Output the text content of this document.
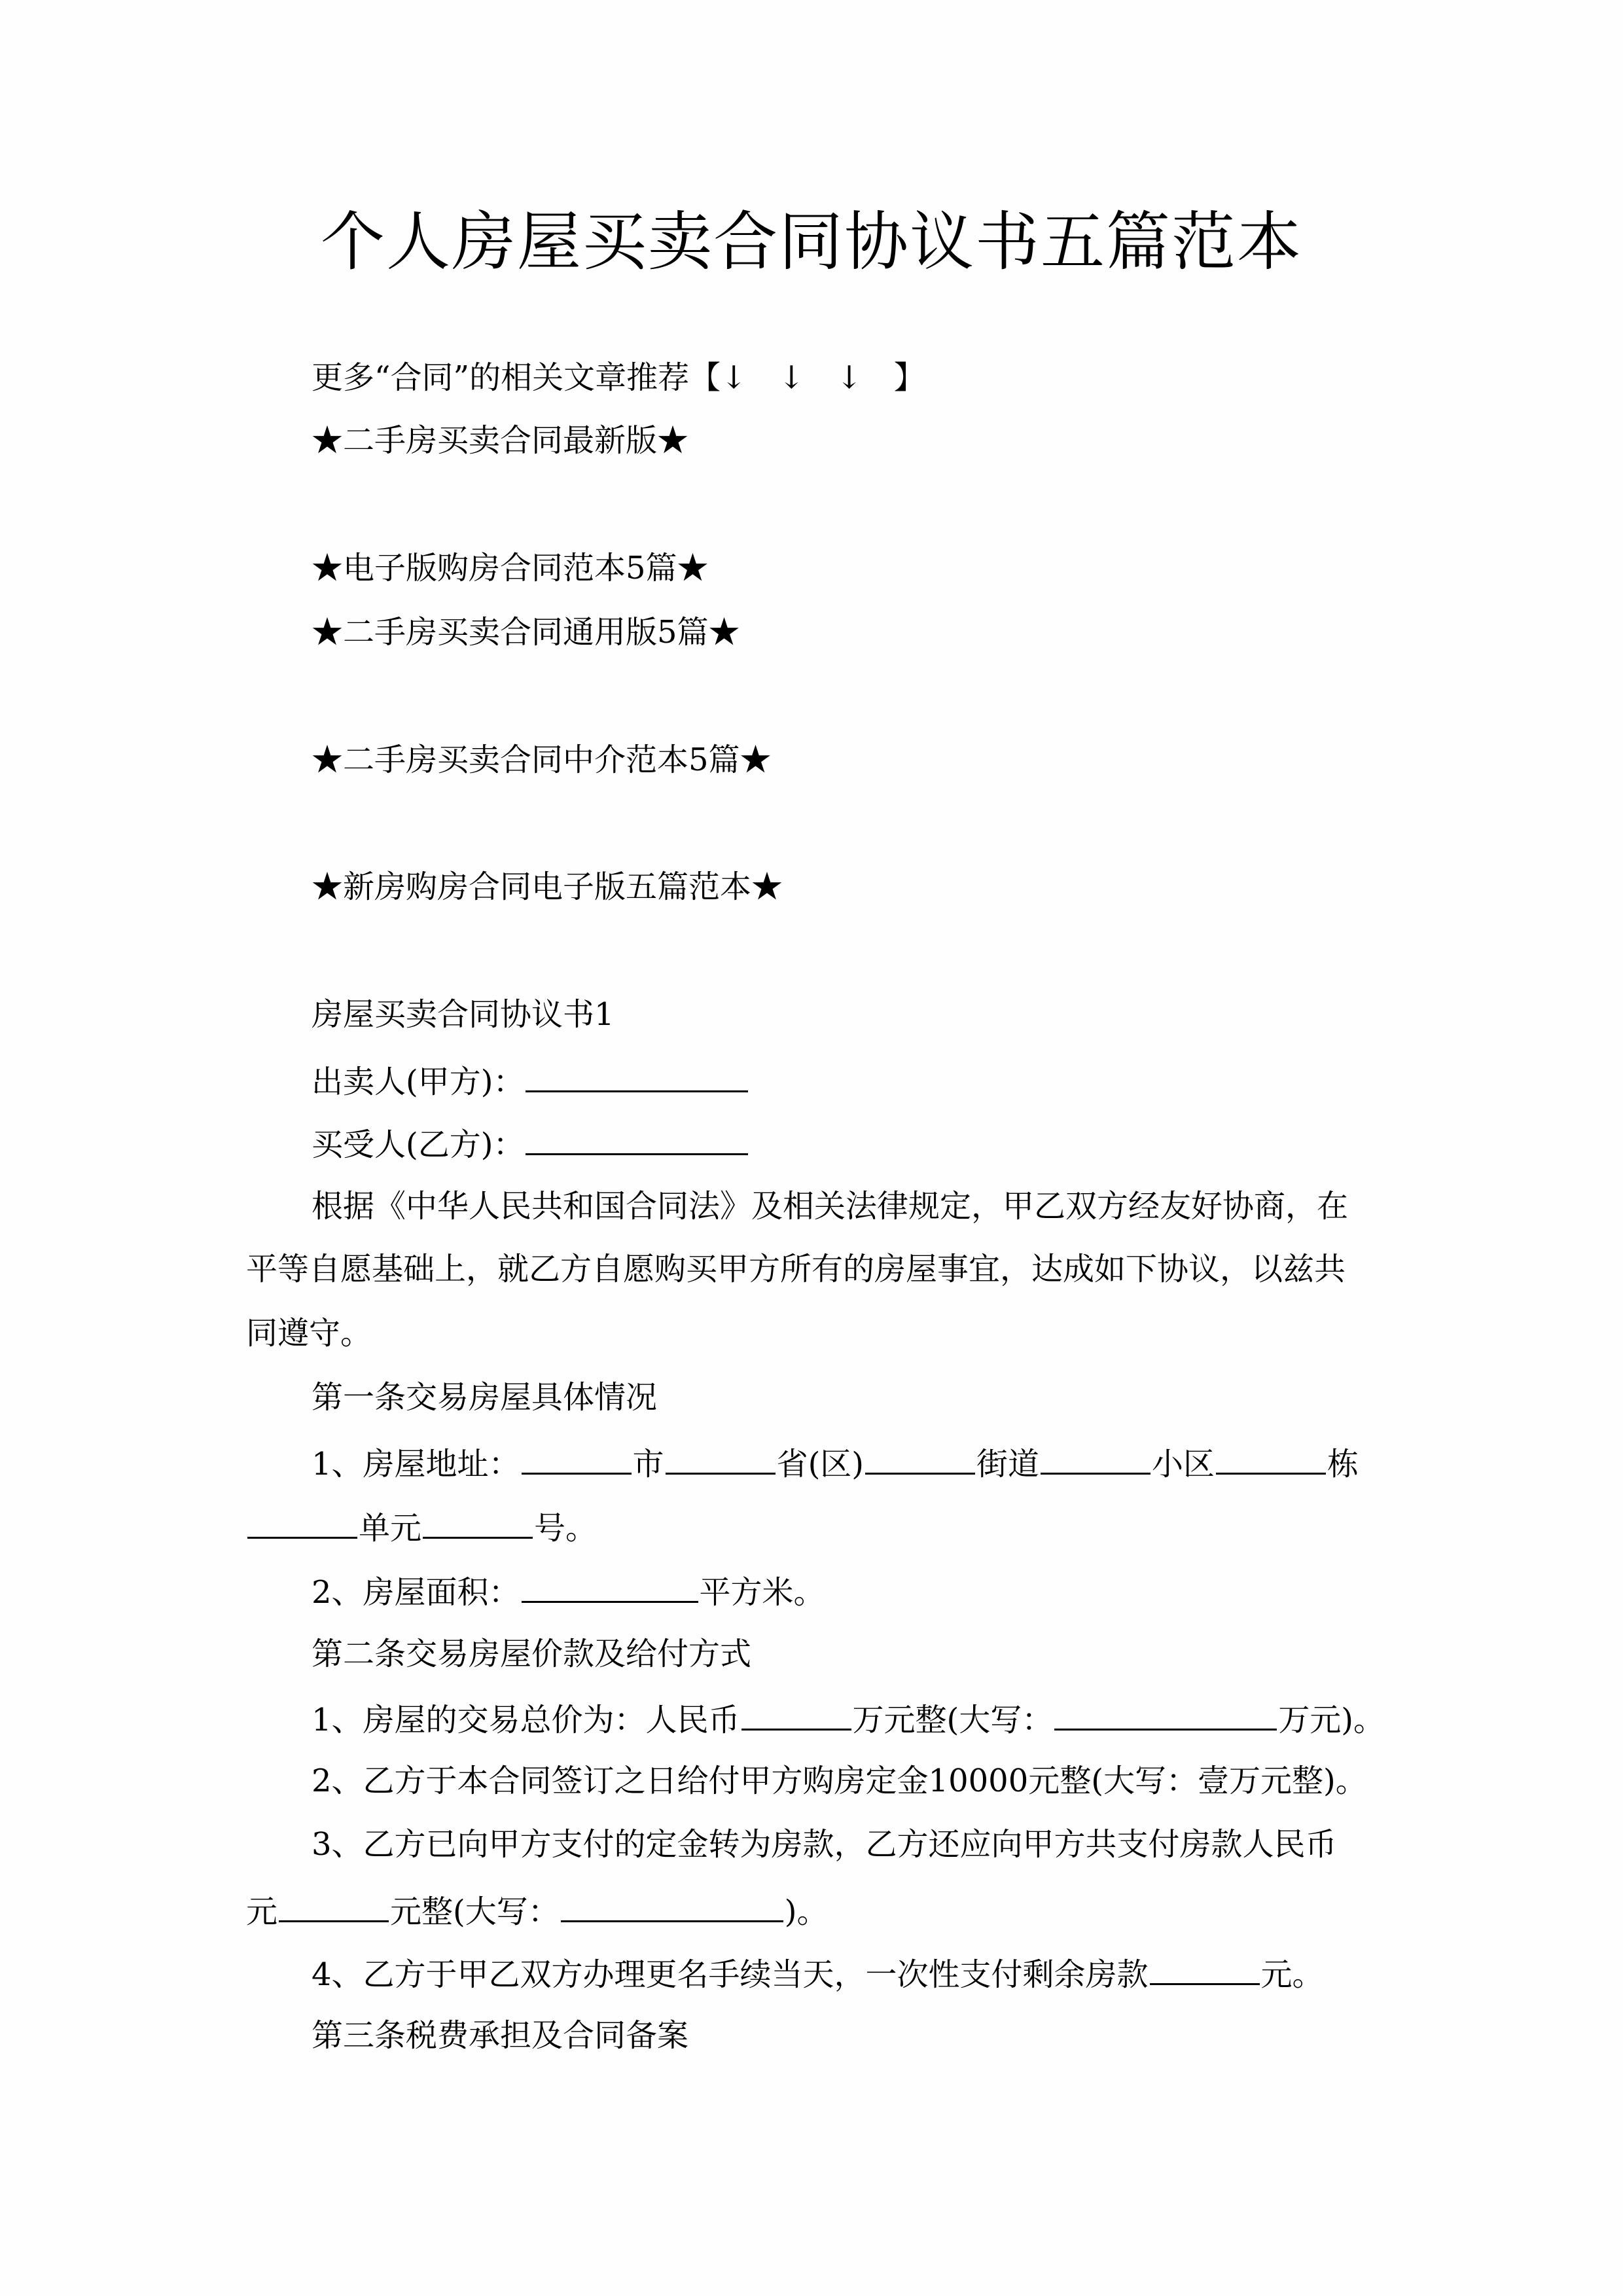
个人房屋买卖合同协议书五篇范本
更多“合同”的相关文章推荐【↓　↓　↓　】
★二手房买卖合同最新版★
★电子版购房合同范本5篇★
★二手房买卖合同通用版5篇★
★二手房买卖合同中介范本5篇★
★新房购房合同电子版五篇范本★
房屋买卖合同协议书1
出卖人(甲方)：
买受人(乙方)：
根据《中华人民共和国合同法》及相关法律规定，甲乙双方经友好协商，在
平等自愿基础上，就乙方自愿购买甲方所有的房屋事宜，达成如下协议，以兹共
同遵守。
第一条交易房屋具体情况
1、房屋地址：	市	省(区)	街道	小区	栋
单元	号。
2、房屋面积：	平方米。
第二条交易房屋价款及给付方式
1、房屋的交易总价为：人民币	万元整(大写：	万元)。
2、乙方于本合同签订之日给付甲方购房定金10000元整(大写：壹万元整)。
3、乙方已向甲方支付的定金转为房款，乙方还应向甲方共支付房款人民币
元	元整(大写：	)。
4、乙方于甲乙双方办理更名手续当天，一次性支付剩余房款	元。
第三条税费承担及合同备案
